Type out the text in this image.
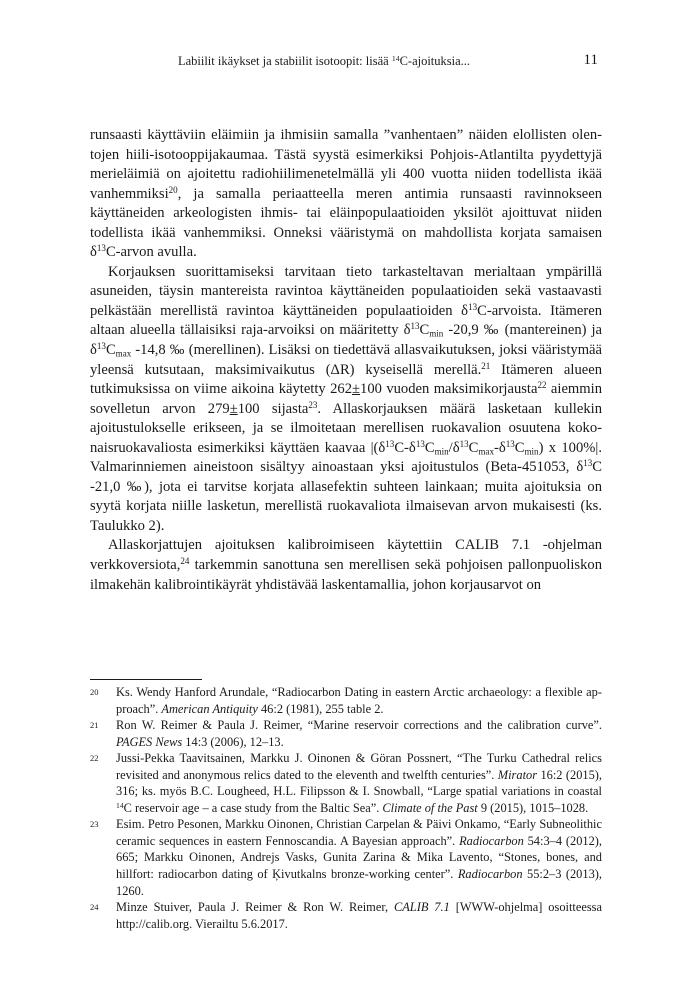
Labiilit ikäykset ja stabiilit isotoopit: lisää $^{14}$C-ajoituksia...	11

runsaasti käyttäviin eläimiin ja ihmisiin samalla ”vanhentaen” näiden elollisten olentojen hiili-isotooppijakaumaa. Tästä syystä esimerkiksi Pohjois-Atlantilta pyydettyjä merieläimiä on ajoitettu radiohiilimenetelmällä yli 400 vuotta niiden todellista ikää vanhemmiksi$^{20}$, ja samalla periaatteella meren antimia runsaasti ravinnokseen käyttäneiden arkeologisten ihmis- tai eläinpopulaatioiden yksilöt ajoittuvat niiden todellista ikää vanhemmiksi. Onneksi vääristymä on mahdollista korjata samaisen $\delta^{13}C$-arvon avulla.

Korjauksen suorittamiseksi tarvitaan tieto tarkasteltavan merialtaan ympärillä asuneiden, täysin mantereista ravintoa käyttäneiden populaatioiden sekä vastaavasti pelkästään merellistä ravintoa käyttäneiden populaatioiden $\delta^{13}C$-arvoista. Itämeren altaan alueella tällaisiksi raja-arvoiksi on määritetty $\delta^{13}C_{min}$ -20,9 ‰ (mantereinen) ja $\delta^{13}C_{max}$ -14,8 ‰ (merellinen). Lisäksi on tiedettävä allasvaikutuksen, joksi vääristymää yleensä kutsutaan, maksimivaikutus (ΔR) kyseisellä merellä.$^{21}$ Itämeren alueen tutkimuksissa on viime aikoina käytetty 262±100 vuoden maksimikorjausta$^{22}$ aiemmin sovelletun arvon 279±100 sijasta$^{23}$. Allaskorjauksen määrä lasketaan kullekin ajoitustulokselle erikseen, ja se ilmoitetaan merellisen ruokavalion osuutena kokonaisruokavaliosta esimerkiksi käyttäen kaavaa $|(\delta^{13}C-\delta^{13}C_{min}/\delta^{13}C_{max}-\delta^{13}C_{min})$ x 100%|. Valmarinniemen aineistoon sisältyy ainoastaan yksi ajoitustulos (Beta-451053, $\delta^{13}C$ -21,0 ‰), jota ei tarvitse korjata allasefektin suhteen lainkaan; muita ajoituksia on syytä korjata niille lasketun, merellistä ruokavaliota ilmaisevan arvon mukaisesti (ks. Taulukko 2).

Allaskorjattujen ajoituksen kalibroimiseen käytettiin CALIB 7.1 -ohjelman verkkoversiota,$^{24}$ tarkemmin sanottuna sen merellisen sekä pohjoisen pallonpuoliskon ilmakehän kalibrointikäyrät yhdistävää laskentamallia, johon korjausarvot on

20	Ks. Wendy Hanford Arundale, “Radiocarbon Dating in eastern Arctic archaeology: a flexible approach”. American Antiquity 46:2 (1981), 255 table 2.
21	Ron W. Reimer & Paula J. Reimer, “Marine reservoir corrections and the calibration curve”. PAGES News 14:3 (2006), 12–13.
22	Jussi-Pekka Taavitsainen, Markku J. Oinonen & Göran Possnert, “The Turku Cathedral relics revisited and anonymous relics dated to the eleventh and twelfth centuries”. Mirator 16:2 (2015), 316; ks. myös B.C. Lougheed, H.L. Filipsson & I. Snowball, “Large spatial variations in coastal $^{14}$C reservoir age – a case study from the Baltic Sea”. Climate of the Past 9 (2015), 1015–1028.
23	Esim. Petro Pesonen, Markku Oinonen, Christian Carpelan & Päivi Onkamo, “Early Subneolithic ceramic sequences in eastern Fennoscandia. A Bayesian approach”. Radiocarbon 54:3–4 (2012), 665; Markku Oinonen, Andrejs Vasks, Gunita Zarina & Mika Lavento, “Stones, bones, and hillfort: radiocarbon dating of Ķivutkalns bronze-working center”. Radiocarbon 55:2–3 (2013), 1260.
24	Minze Stuiver, Paula J. Reimer & Ron W. Reimer, CALIB 7.1 [WWW-ohjelma] osoitteessa http://calib.org. Vierailtu 5.6.2017.
